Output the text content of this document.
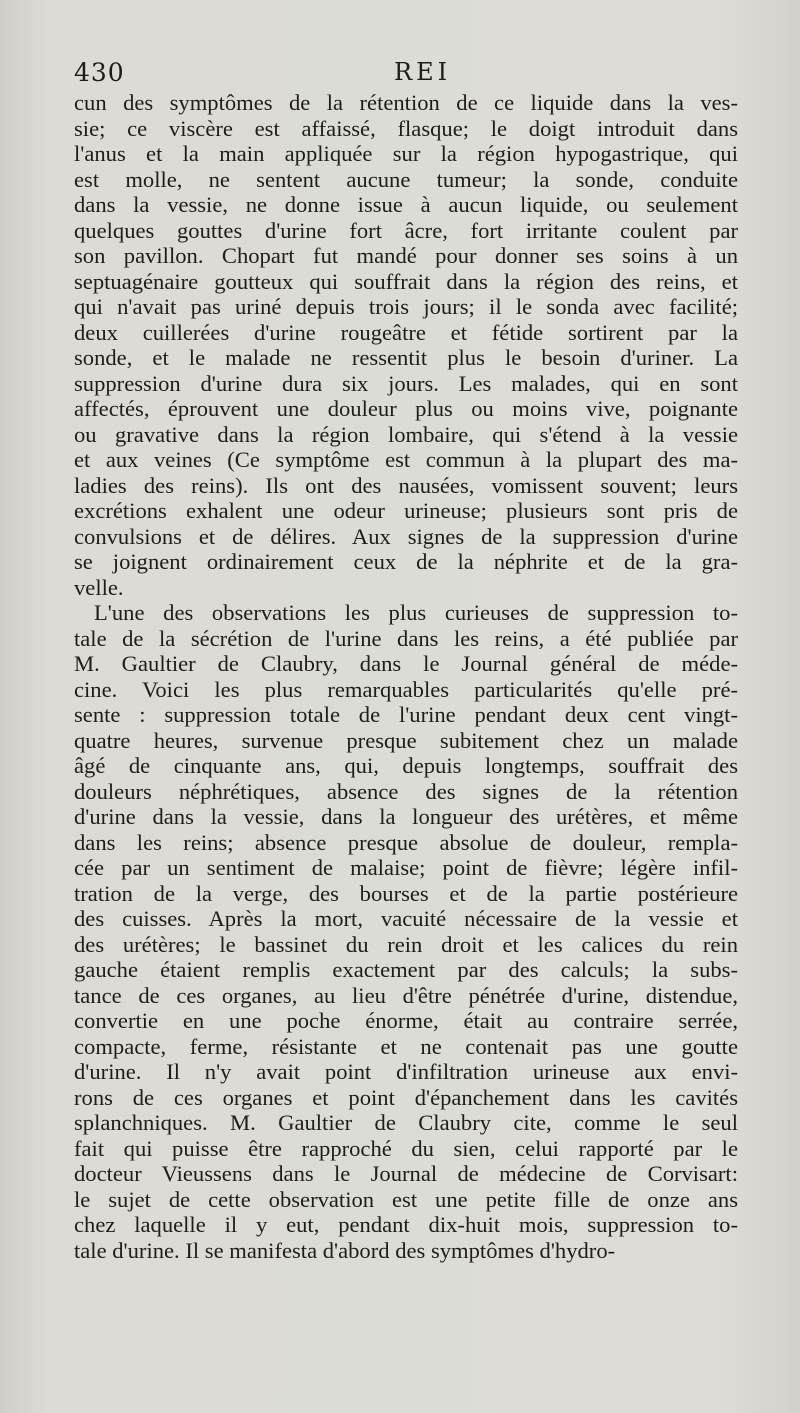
430	REI
cun des symptômes de la rétention de ce liquide dans la ves-
sie; ce viscère est affaissé, flasque; le doigt introduit dans
l'anus et la main appliquée sur la région hypogastrique, qui
est molle, ne sentent aucune tumeur; la sonde, conduite
dans la vessie, ne donne issue à aucun liquide, ou seulement
quelques gouttes d'urine fort âcre, fort irritante coulent par
son pavillon. Chopart fut mandé pour donner ses soins à un
septuagénaire goutteux qui souffrait dans la région des reins, et
qui n'avait pas uriné depuis trois jours; il le sonda avec facilité;
deux cuillerées d'urine rougeâtre et fétide sortirent par la
sonde, et le malade ne ressentit plus le besoin d'uriner. La
suppression d'urine dura six jours. Les malades, qui en sont
affectés, éprouvent une douleur plus ou moins vive, poignante
ou gravative dans la région lombaire, qui s'étend à la vessie
et aux veines (Ce symptôme est commun à la plupart des ma-
ladies des reins). Ils ont des nausées, vomissent souvent; leurs
excrétions exhalent une odeur urineuse; plusieurs sont pris de
convulsions et de délires. Aux signes de la suppression d'urine
se joignent ordinairement ceux de la néphrite et de la gra-
velle.
L'une des observations les plus curieuses de suppression to-
tale de la sécrétion de l'urine dans les reins, a été publiée par
M. Gaultier de Claubry, dans le Journal général de méde-
cine. Voici les plus remarquables particularités qu'elle pré-
sente : suppression totale de l'urine pendant deux cent vingt-
quatre heures, survenue presque subitement chez un malade
âgé de cinquante ans, qui, depuis longtemps, souffrait des
douleurs néphrétiques, absence des signes de la rétention
d'urine dans la vessie, dans la longueur des urétères, et même
dans les reins; absence presque absolue de douleur, rempla-
cée par un sentiment de malaise; point de fièvre; légère infil-
tration de la verge, des bourses et de la partie postérieure
des cuisses. Après la mort, vacuité nécessaire de la vessie et
des urétères; le bassinet du rein droit et les calices du rein
gauche étaient remplis exactement par des calculs; la subs-
tance de ces organes, au lieu d'être pénétrée d'urine, distendue,
convertie en une poche énorme, était au contraire serrée,
compacte, ferme, résistante et ne contenait pas une goutte
d'urine. Il n'y avait point d'infiltration urineuse aux envi-
rons de ces organes et point d'épanchement dans les cavités
splanchniques. M. Gaultier de Claubry cite, comme le seul
fait qui puisse être rapproché du sien, celui rapporté par le
docteur Vieussens dans le Journal de médecine de Corvisart:
le sujet de cette observation est une petite fille de onze ans
chez laquelle il y eut, pendant dix-huit mois, suppression to-
tale d'urine. Il se manifesta d'abord des symptômes d'hydro-
